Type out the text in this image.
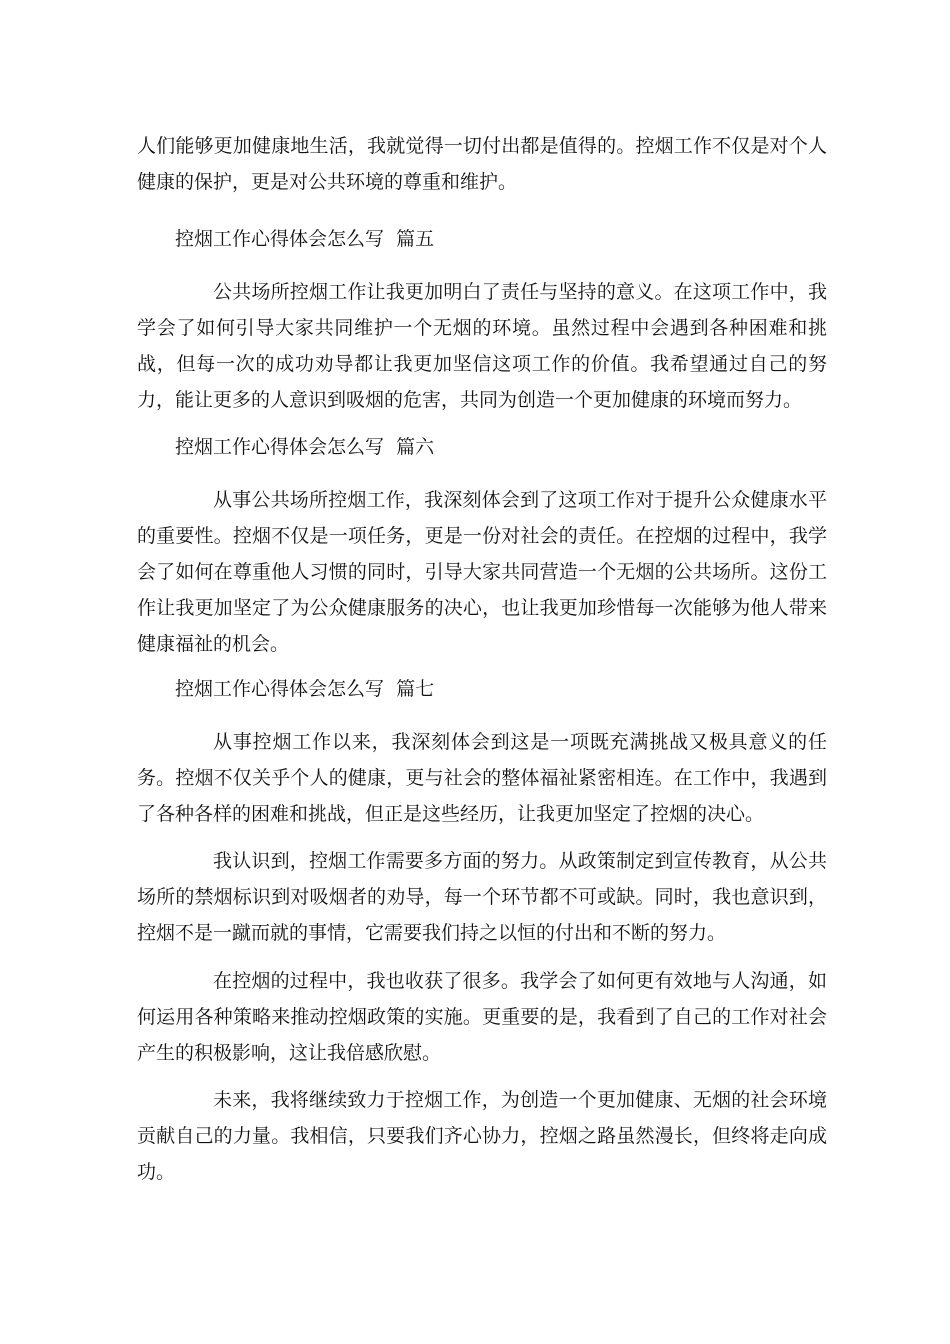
人们能够更加健康地生活，我就觉得一切付出都是值得的。控烟工作不仅是对个人健康的保护，更是对公共环境的尊重和维护。

控烟工作心得体会怎么写  篇五

公共场所控烟工作让我更加明白了责任与坚持的意义。在这项工作中，我学会了如何引导大家共同维护一个无烟的环境。虽然过程中会遇到各种困难和挑战，但每一次的成功劝导都让我更加坚信这项工作的价值。我希望通过自己的努力，能让更多的人意识到吸烟的危害，共同为创造一个更加健康的环境而努力。

控烟工作心得体会怎么写  篇六

从事公共场所控烟工作，我深刻体会到了这项工作对于提升公众健康水平的重要性。控烟不仅是一项任务，更是一份对社会的责任。在控烟的过程中，我学会了如何在尊重他人习惯的同时，引导大家共同营造一个无烟的公共场所。这份工作让我更加坚定了为公众健康服务的决心，也让我更加珍惜每一次能够为他人带来健康福祉的机会。

控烟工作心得体会怎么写  篇七

从事控烟工作以来，我深刻体会到这是一项既充满挑战又极具意义的任务。控烟不仅关乎个人的健康，更与社会的整体福祉紧密相连。在工作中，我遇到了各种各样的困难和挑战，但正是这些经历，让我更加坚定了控烟的决心。

我认识到，控烟工作需要多方面的努力。从政策制定到宣传教育，从公共场所的禁烟标识到对吸烟者的劝导，每一个环节都不可或缺。同时，我也意识到，控烟不是一蹴而就的事情，它需要我们持之以恒的付出和不断的努力。

在控烟的过程中，我也收获了很多。我学会了如何更有效地与人沟通，如何运用各种策略来推动控烟政策的实施。更重要的是，我看到了自己的工作对社会产生的积极影响，这让我倍感欣慰。

未来，我将继续致力于控烟工作，为创造一个更加健康、无烟的社会环境贡献自己的力量。我相信，只要我们齐心协力，控烟之路虽然漫长，但终将走向成功。
